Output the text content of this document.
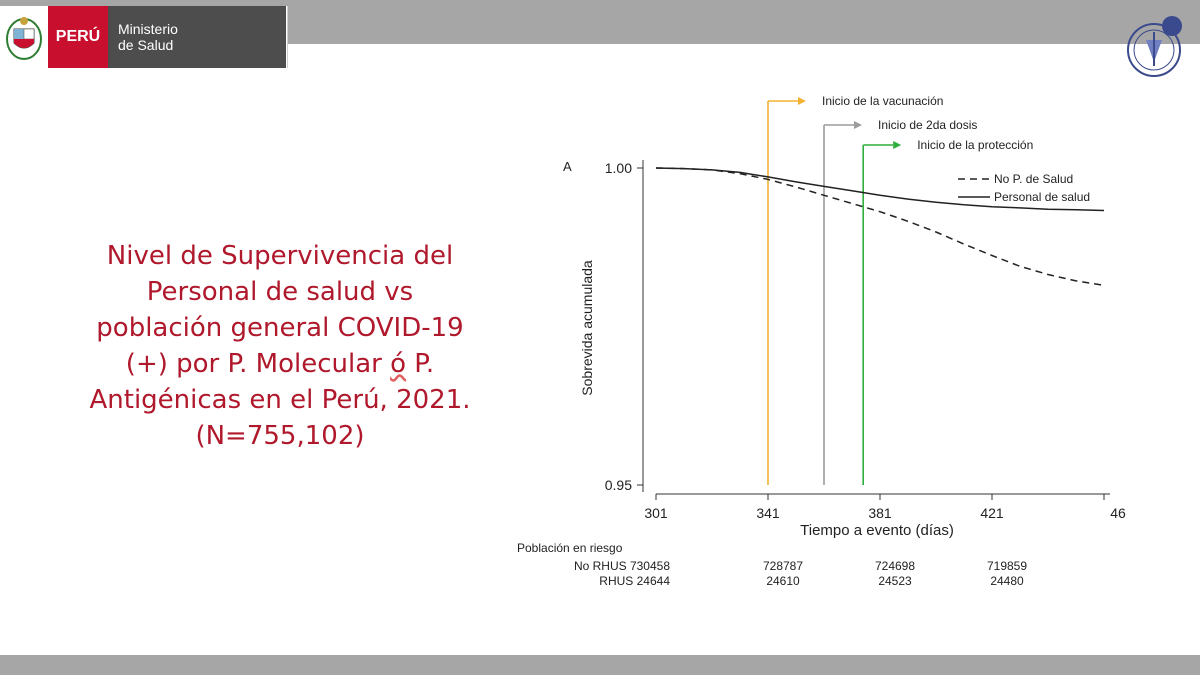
PERÚ	Ministerio
de Salud
Nivel de Supervivencia del Personal de salud vs población general COVID-19 (+) por P. Molecular ó P. Antigénicas en el Perú, 2021. (N=755,102)
1.00
0.95
301	341	381	421	46
Tiempo a evento (días)
Sobrevida acumulada
A
Inicio de la vacunación
Inicio de 2da dosis
Inicio de la protección
No P. de Salud
Personal de salud
Población en riesgo
No RHUS 730458	728787	724698	719859
RHUS 24644	24610	24523	24480
